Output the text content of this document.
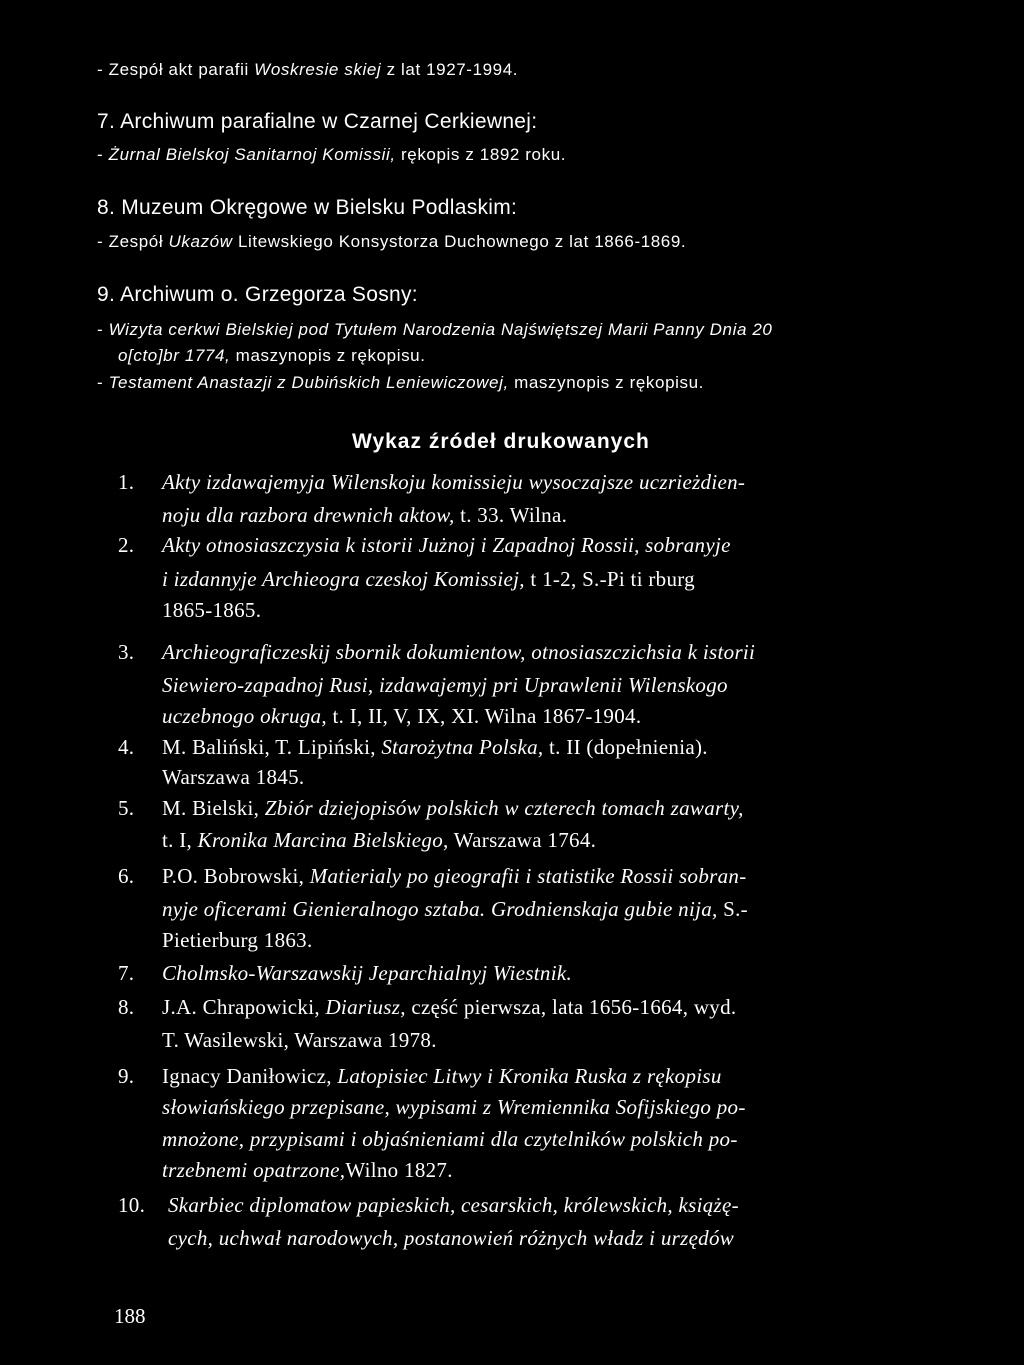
- Zespół akt parafii Woskresie skiej z lat 1927-1994.
7. Archiwum parafialne w Czarnej Cerkiewnej:
- Żurnal Bielskoj Sanitarnoj Komissii, rękopis z 1892 roku.
8. Muzeum Okręgowe w Bielsku Podlaskim:
- Zespół Ukazów Litewskiego Konsystorza Duchownego z lat 1866-1869.
9. Archiwum o. Grzegorza Sosny:
- Wizyta cerkwi Bielskiej pod Tytułem Narodzenia Najświętszej Marii Panny Dnia 20
o[cto]br 1774, maszynopis z rękopisu.
- Testament Anastazji z Dubińskich Leniewiczowej, maszynopis z rękopisu.
Wykaz źródeł drukowanych
1. Akty izdawajemyja Wilenskoju komissieju wysoczajsze uczrieżdien-
noju dla razbora drewnich aktow, t. 33. Wilna.
2. Akty otnosiaszczysia k istorii Jużnoj i Zapadnoj Rossii, sobranyje
i izdannyje Archieogra czeskoj Komissiej, t 1-2, S.-Pi ti rburg
1865-1865.
3. Archieograficzeskij sbornik dokumientow, otnosiaszczichsia k istorii
Siewiero-zapadnoj Rusi, izdawajemyj pri Uprawlenii Wilenskogo
uczebnogo okruga, t. I, II, V, IX, XI. Wilna 1867-1904.
4. M. Baliński, T. Lipiński, Starożytna Polska, t. II (dopełnienia).
Warszawa 1845.
5. M. Bielski, Zbiór dziejopisów polskich w czterech tomach zawarty,
t. I, Kronika Marcina Bielskiego, Warszawa 1764.
6. P.O. Bobrowski, Matierialy po gieografii i statistike Rossii sobran-
nyje oficerami Gienieralnogo sztaba. Grodnienskaja gubie nija, S.-
Pietierburg 1863.
7. Cholmsko-Warszawskij Jeparchialnyj Wiestnik.
8. J.A. Chrapowicki, Diariusz, część pierwsza, lata 1656-1664, wyd.
T. Wasilewski, Warszawa 1978.
9. Ignacy Daniłowicz, Latopisiec Litwy i Kronika Ruska z rękopisu
słowiańskiego przepisane, wypisami z Wremiennika Sofijskiego po-
mnożone, przypisami i objaśnieniami dla czytelników polskich po-
trzebnemi opatrzone,Wilno 1827.
10. Skarbiec diplomatow papieskich, cesarskich, królewskich, książę-
cych, uchwał narodowych, postanowień różnych władz i urzędów
188
